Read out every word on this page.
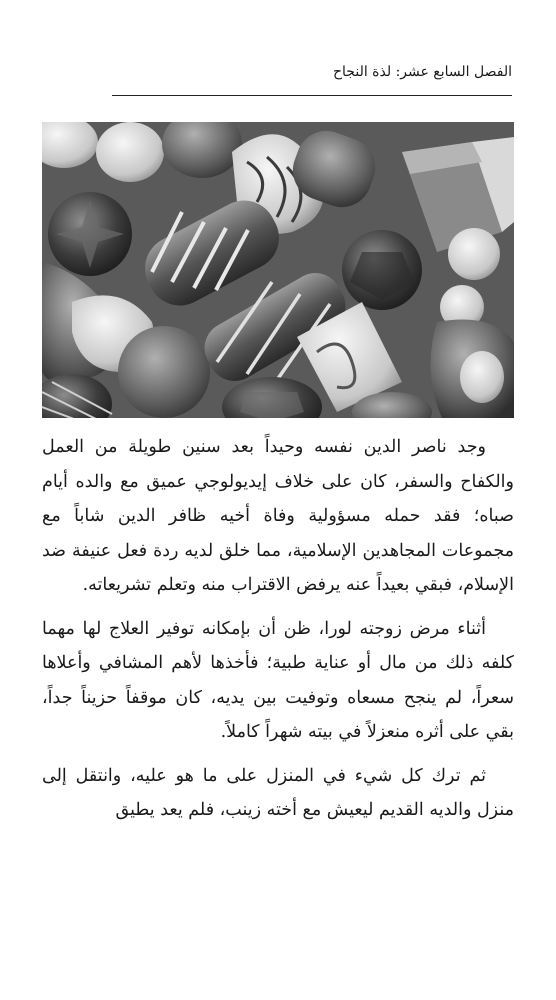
الفصل السابع عشر: لذة النجاح

وجد ناصر الدين نفسه وحيداً بعد سنين طويلة من العمل والكفاح والسفر، كان على خلاف إيديولوجي عميق مع والده أيام صباه؛ فقد حمله مسؤولية وفاة أخيه ظافر الدين شاباً مع مجموعات المجاهدين الإسلامية، مما خلق لديه ردة فعل عنيفة ضد الإسلام، فبقي بعيداً عنه يرفض الاقتراب منه وتعلم تشريعاته.

أثناء مرض زوجته لورا، ظن أن بإمكانه توفير العلاج لها مهما كلفه ذلك من مال أو عناية طبية؛ فأخذها لأهم المشافي وأعلاها سعراً، لم ينجح مسعاه وتوفيت بين يديه، كان موقفاً حزيناً جداً، بقي على أثره منعزلاً في بيته شهراً كاملاً.

ثم ترك كل شيء في المنزل على ما هو عليه، وانتقل إلى منزل والديه القديم ليعيش مع أخته زينب، فلم يعد يطيق
